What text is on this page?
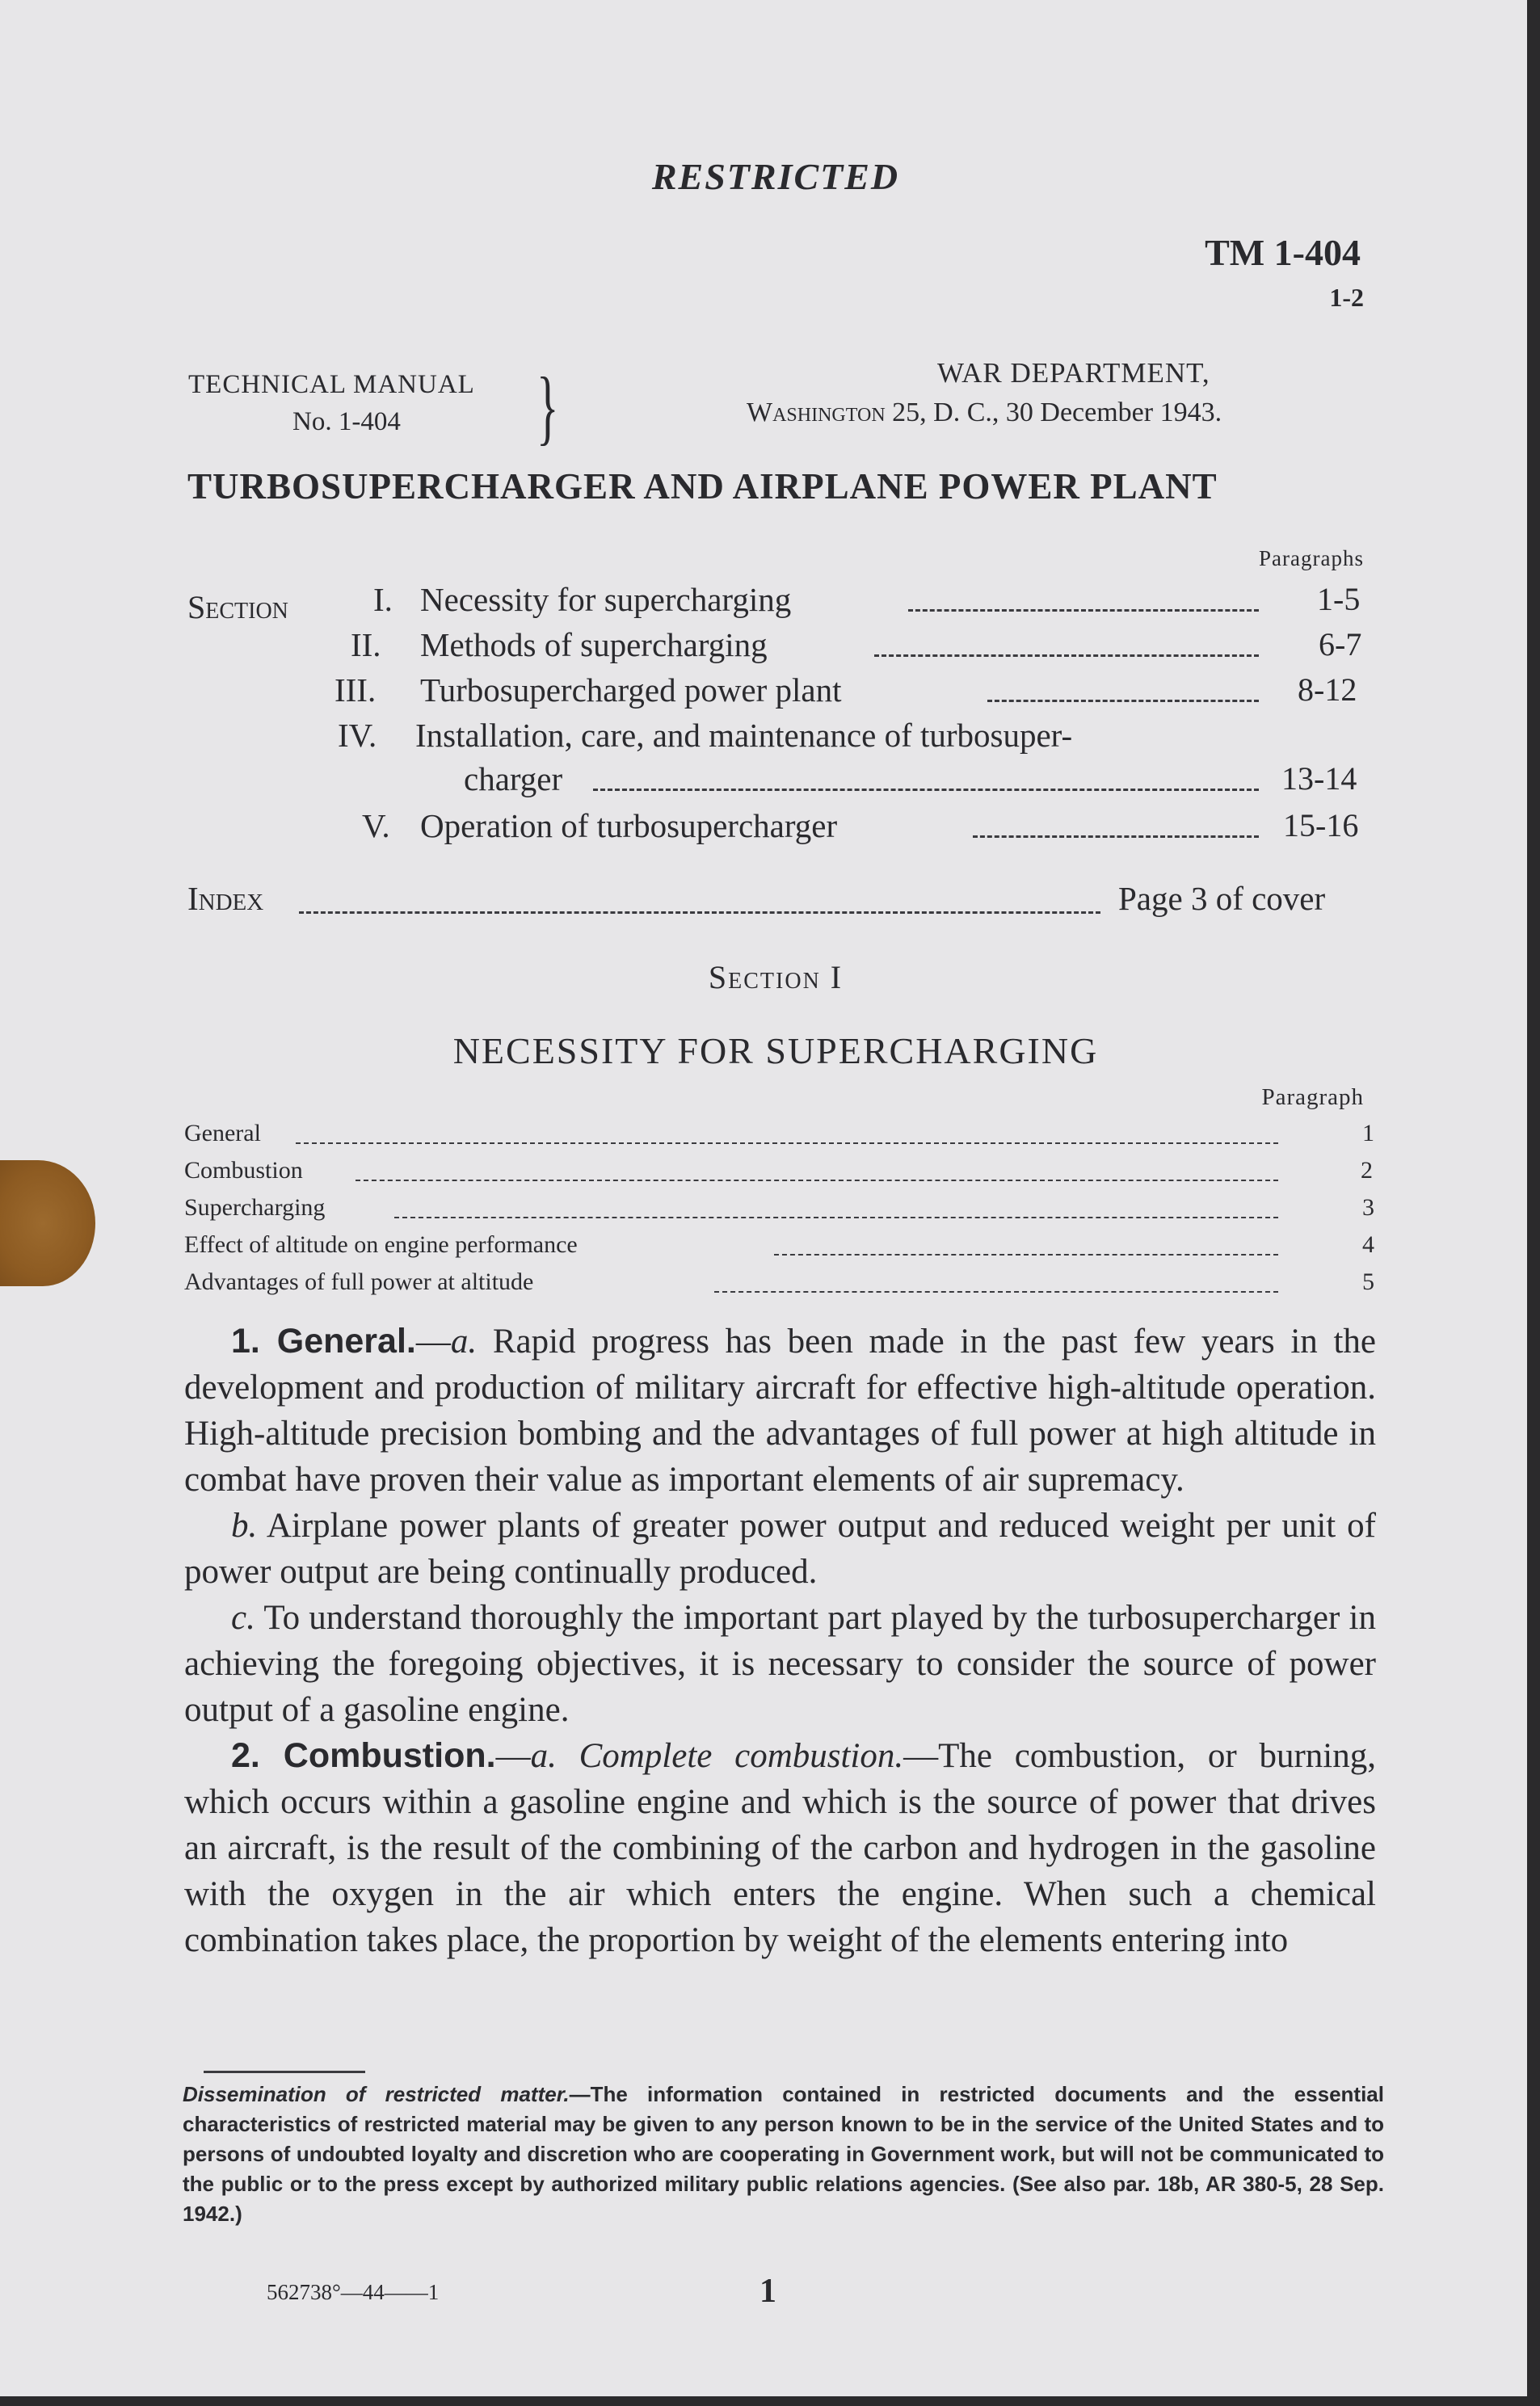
RESTRICTED
TM 1-404
1-2
TECHNICAL MANUAL
No. 1-404 }	WAR DEPARTMENT,
Washington 25, D. C., 30 December 1943.
TURBOSUPERCHARGER AND AIRPLANE POWER PLANT
Paragraphs
Section	I. Necessity for supercharging	1-5
II. Methods of supercharging	6-7
III. Turbosupercharged power plant	8-12
IV. Installation, care, and maintenance of turbosuper-
charger	13-14
V. Operation of turbosupercharger	15-16
Index	Page 3 of cover
Section I
NECESSITY FOR SUPERCHARGING
Paragraph
General	1
Combustion	2
Supercharging	3
Effect of altitude on engine performance	4
Advantages of full power at altitude	5

1. General.—a. Rapid progress has been made in the past few years in the development and production of military aircraft for effective high-altitude operation. High-altitude precision bombing and the advantages of full power at high altitude in combat have proven their value as important elements of air supremacy.

b. Airplane power plants of greater power output and reduced weight per unit of power output are being continually produced.

c. To understand thoroughly the important part played by the turbosupercharger in achieving the foregoing objectives, it is necessary to consider the source of power output of a gasoline engine.

2. Combustion.—a. Complete combustion.—The combustion, or burning, which occurs within a gasoline engine and which is the source of power that drives an aircraft, is the result of the combining of the carbon and hydrogen in the gasoline with the oxygen in the air which enters the engine. When such a chemical combination takes place, the proportion by weight of the elements entering into

Dissemination of restricted matter.—The information contained in restricted documents and the essential characteristics of restricted material may be given to any person known to be in the service of the United States and to persons of undoubted loyalty and discretion who are cooperating in Government work, but will not be communicated to the public or to the press except by authorized military public relations agencies. (See also par. 18b, AR 380-5, 28 Sep. 1942.)
562738°—44——1	1
